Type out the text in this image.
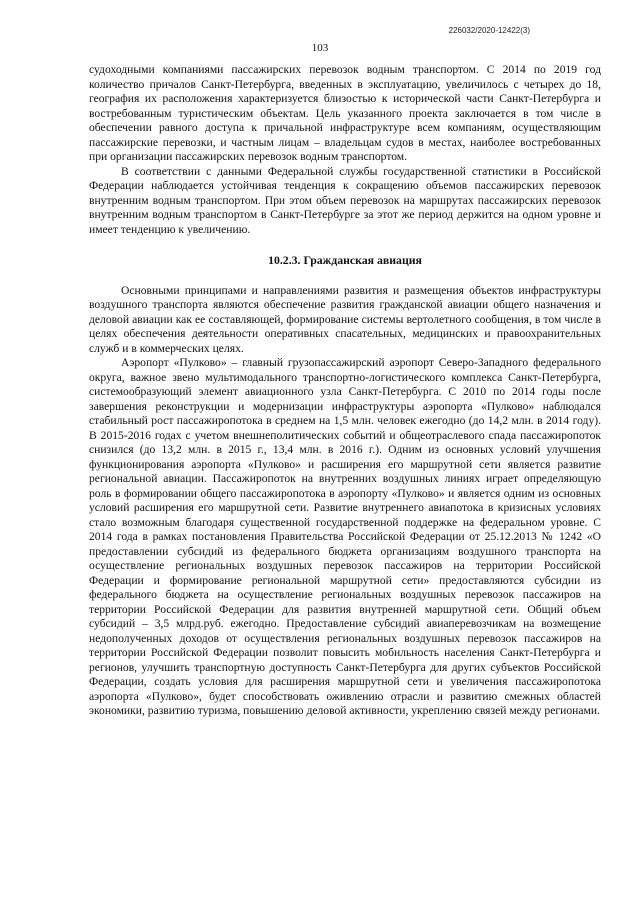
226032/2020-12422(3)
103

судоходными компаниями пассажирских перевозок водным транспортом. С 2014 по 2019 год количество причалов Санкт-Петербурга, введенных в эксплуатацию, увеличилось с четырех до 18, география их расположения характеризуется близостью к исторической части Санкт-Петербурга и востребованным туристическим объектам. Цель указанного проекта заключается в том числе в обеспечении равного доступа к причальной инфраструктуре всем компаниям, осуществляющим пассажирские перевозки, и частным лицам – владельцам судов в местах, наиболее востребованных при организации пассажирских перевозок водным транспортом.

В соответствии с данными Федеральной службы государственной статистики в Российской Федерации наблюдается устойчивая тенденция к сокращению объемов пассажирских перевозок внутренним водным транспортом. При этом объем перевозок на маршрутах пассажирских перевозок внутренним водным транспортом в Санкт-Петербурге за этот же период держится на одном уровне и имеет тенденцию к увеличению.

10.2.3. Гражданская авиация

Основными принципами и направлениями развития и размещения объектов инфраструктуры воздушного транспорта являются обеспечение развития гражданской авиации общего назначения и деловой авиации как ее составляющей, формирование системы вертолетного сообщения, в том числе в целях обеспечения деятельности оперативных спасательных, медицинских и правоохранительных служб и в коммерческих целях.

Аэропорт «Пулково» – главный грузопассажирский аэропорт Северо-Западного федерального округа, важное звено мультимодального транспортно-логистического комплекса Санкт-Петербурга, системообразующий элемент авиационного узла Санкт-Петербурга. С 2010 по 2014 годы после завершения реконструкции и модернизации инфраструктуры аэропорта «Пулково» наблюдался стабильный рост пассажиропотока в среднем на 1,5 млн. человек ежегодно (до 14,2 млн. в 2014 году). В 2015-2016 годах с учетом внешнеполитических событий и общеотраслевого спада пассажиропоток снизился (до 13,2 млн. в 2015 г., 13,4 млн. в 2016 г.). Одним из основных условий улучшения функционирования аэропорта «Пулково» и расширения его маршрутной сети является развитие региональной авиации. Пассажиропоток на внутренних воздушных линиях играет определяющую роль в формировании общего пассажиропотока в аэропорту «Пулково» и является одним из основных условий расширения его маршрутной сети. Развитие внутреннего авиапотока в кризисных условиях стало возможным благодаря существенной государственной поддержке на федеральном уровне. С 2014 года в рамках постановления Правительства Российской Федерации от 25.12.2013 № 1242 «О предоставлении субсидий из федерального бюджета организациям воздушного транспорта на осуществление региональных воздушных перевозок пассажиров на территории Российской Федерации и формирование региональной маршрутной сети» предоставляются субсидии из федерального бюджета на осуществление региональных воздушных перевозок пассажиров на территории Российской Федерации для развития внутренней маршрутной сети. Общий объем субсидий – 3,5 млрд.руб. ежегодно. Предоставление субсидий авиаперевозчикам на возмещение недополученных доходов от осуществления региональных воздушных перевозок пассажиров на территории Российской Федерации позволит повысить мобильность населения Санкт-Петербурга и регионов, улучшить транспортную доступность Санкт-Петербурга для других субъектов Российской Федерации, создать условия для расширения маршрутной сети и увеличения пассажиропотока аэропорта «Пулково», будет способствовать оживлению отрасли и развитию смежных областей экономики, развитию туризма, повышению деловой активности, укреплению связей между регионами.
